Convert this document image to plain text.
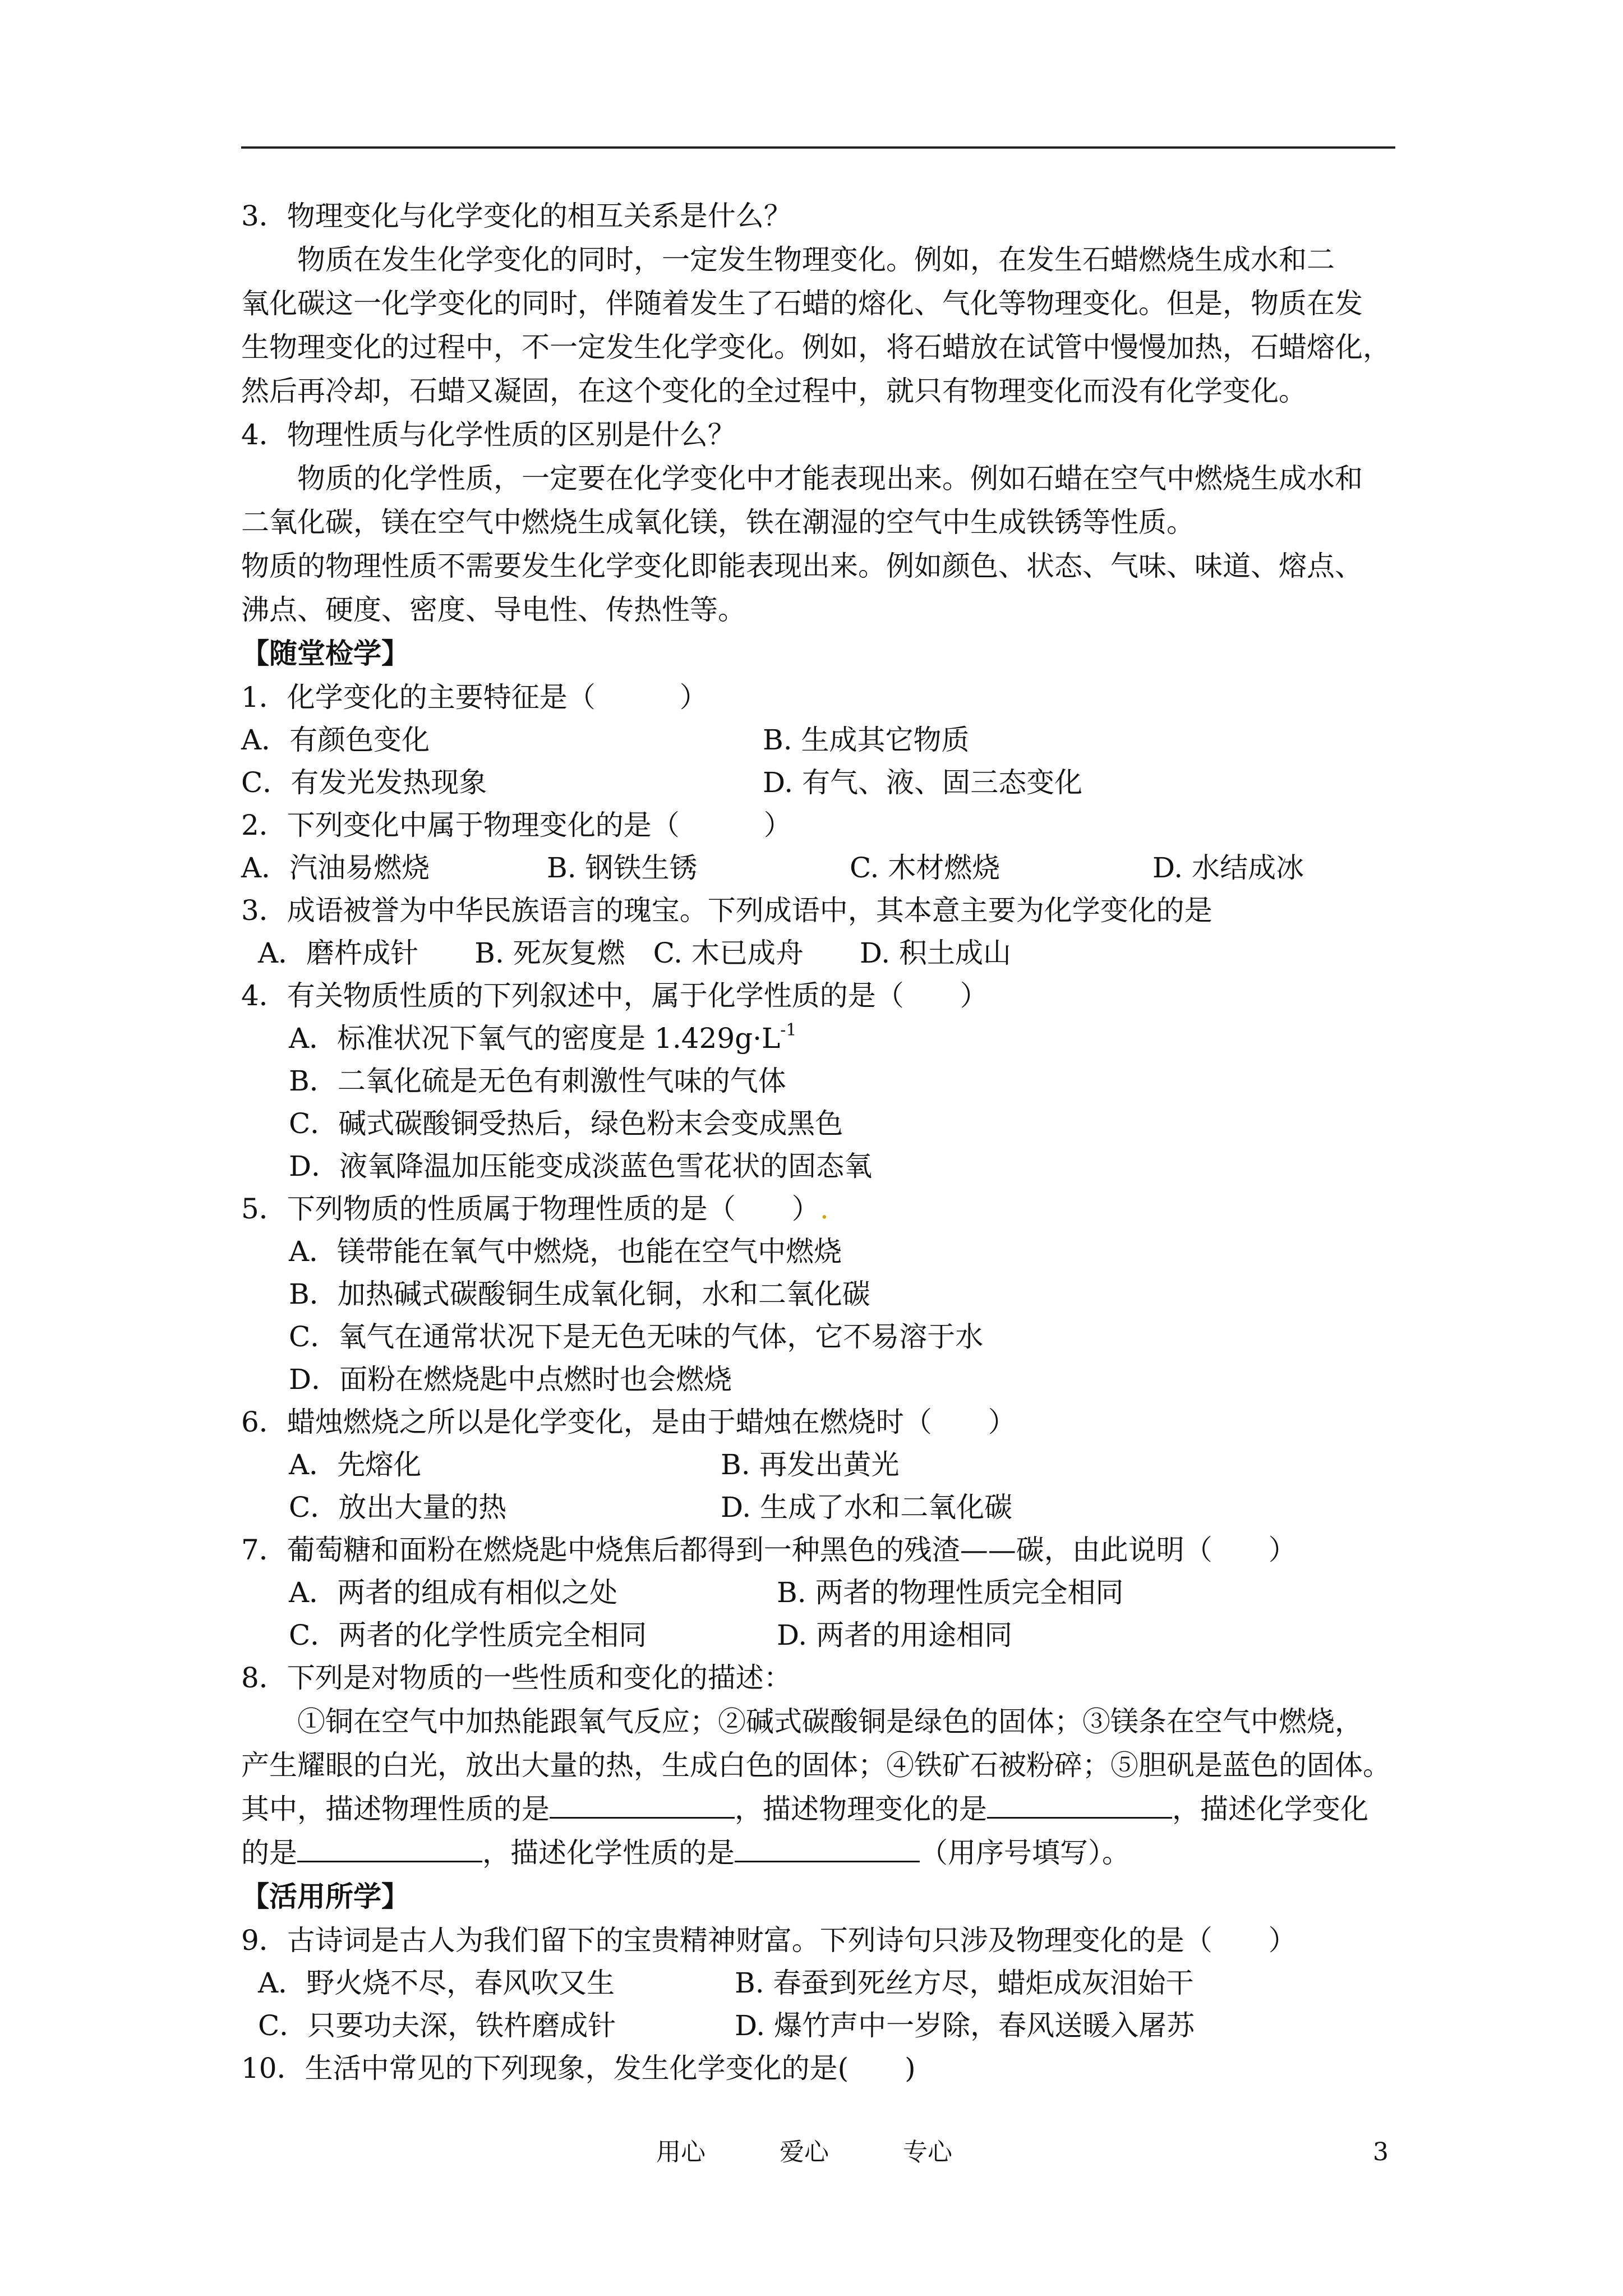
3．物理变化与化学变化的相互关系是什么？
物质在发生化学变化的同时，一定发生物理变化。例如，在发生石蜡燃烧生成水和二
氧化碳这一化学变化的同时，伴随着发生了石蜡的熔化、气化等物理变化。但是，物质在发
生物理变化的过程中，不一定发生化学变化。例如，将石蜡放在试管中慢慢加热，石蜡熔化，
然后再冷却，石蜡又凝固，在这个变化的全过程中，就只有物理变化而没有化学变化。
4．物理性质与化学性质的区别是什么？
物质的化学性质，一定要在化学变化中才能表现出来。例如石蜡在空气中燃烧生成水和
二氧化碳，镁在空气中燃烧生成氧化镁，铁在潮湿的空气中生成铁锈等性质。
物质的物理性质不需要发生化学变化即能表现出来。例如颜色、状态、气味、味道、熔点、
沸点、硬度、密度、导电性、传热性等。
【随堂检学】
1．化学变化的主要特征是（　　　）
A．有颜色变化	B. 生成其它物质
C．有发光发热现象	D. 有气、液、固三态变化
2．下列变化中属于物理变化的是（　　　）
A．汽油易燃烧	B. 钢铁生锈	C. 木材燃烧	D. 水结成冰
3．成语被誉为中华民族语言的瑰宝。下列成语中，其本意主要为化学变化的是
A．磨杵成针　　B. 死灰复燃　C. 木已成舟　　D. 积土成山
4．有关物质性质的下列叙述中，属于化学性质的是（　　）
A．标准状况下氧气的密度是 $1.429g\cdot L^{-1}$
B．二氧化硫是无色有刺激性气味的气体
C．碱式碳酸铜受热后，绿色粉末会变成黑色
D．液氧降温加压能变成淡蓝色雪花状的固态氧
5．下列物质的性质属于物理性质的是（　　）.
A．镁带能在氧气中燃烧，也能在空气中燃烧
B．加热碱式碳酸铜生成氧化铜，水和二氧化碳
C．氧气在通常状况下是无色无味的气体，它不易溶于水
D．面粉在燃烧匙中点燃时也会燃烧
6．蜡烛燃烧之所以是化学变化，是由于蜡烛在燃烧时（　　）
A．先熔化	B. 再发出黄光
C．放出大量的热	D. 生成了水和二氧化碳
7．葡萄糖和面粉在燃烧匙中烧焦后都得到一种黑色的残渣——碳，由此说明（　　）
A．两者的组成有相似之处	B. 两者的物理性质完全相同
C．两者的化学性质完全相同	D. 两者的用途相同
8．下列是对物质的一些性质和变化的描述：
①铜在空气中加热能跟氧气反应；②碱式碳酸铜是绿色的固体；③镁条在空气中燃烧，
产生耀眼的白光，放出大量的热，生成白色的固体；④铁矿石被粉碎；⑤胆矾是蓝色的固体。
其中，描述物理性质的是	，描述物理变化的是	，描述化学变化
的是	，描述化学性质的是	（用序号填写）。
【活用所学】
9．古诗词是古人为我们留下的宝贵精神财富。下列诗句只涉及物理变化的是（　　）
A．野火烧不尽，春风吹又生	B. 春蚕到死丝方尽，蜡炬成灰泪始干
C．只要功夫深，铁杵磨成针	D. 爆竹声中一岁除，春风送暖入屠苏
10．生活中常见的下列现象，发生化学变化的是(　　)
用心　　　爱心　　　专心	3
